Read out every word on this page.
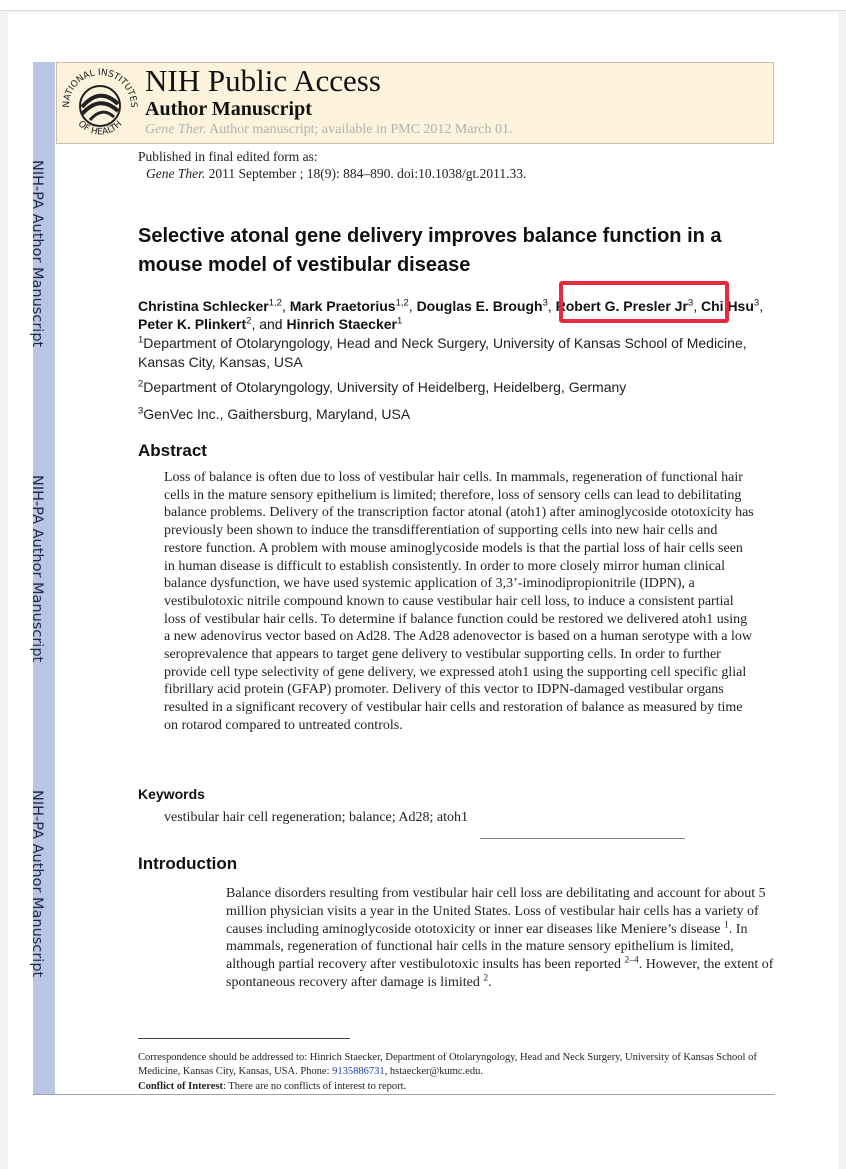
NIH-PA Author Manuscript
NIH-PA Author Manuscript
NIH-PA Author Manuscript
NATIONAL INSTITUTES
OF HEALTH
NIH Public Access
Author Manuscript
Gene Ther. Author manuscript; available in PMC 2012 March 01.
Published in final edited form as:
Gene Ther. 2011 September ; 18(9): 884–890. doi:10.1038/gt.2011.33.
Selective atonal gene delivery improves balance function in a mouse model of vestibular disease
Christina Schlecker$^{1,2}$, Mark Praetorius$^{1,2}$, Douglas E. Brough$^3$, Robert G. Presler Jr$^3$, Chi Hsu$^3$, Peter K. Plinkert$^2$, and Hinrich Staecker$^1$
$^1$Department of Otolaryngology, Head and Neck Surgery, University of Kansas School of Medicine, Kansas City, Kansas, USA
$^2$Department of Otolaryngology, University of Heidelberg, Heidelberg, Germany
$^3$GenVec Inc., Gaithersburg, Maryland, USA
Abstract
Loss of balance is often due to loss of vestibular hair cells. In mammals, regeneration of functional hair cells in the mature sensory epithelium is limited; therefore, loss of sensory cells can lead to debilitating balance problems. Delivery of the transcription factor atonal (atoh1) after aminoglycoside ototoxicity has previously been shown to induce the transdifferentiation of supporting cells into new hair cells and restore function. A problem with mouse aminoglycoside models is that the partial loss of hair cells seen in human disease is difficult to establish consistently. In order to more closely mirror human clinical balance dysfunction, we have used systemic application of 3,3’-iminodipropionitrile (IDPN), a vestibulotoxic nitrile compound known to cause vestibular hair cell loss, to induce a consistent partial loss of vestibular hair cells. To determine if balance function could be restored we delivered atoh1 using a new adenovirus vector based on Ad28. The Ad28 adenovector is based on a human serotype with a low seroprevalence that appears to target gene delivery to vestibular supporting cells. In order to further provide cell type selectivity of gene delivery, we expressed atoh1 using the supporting cell specific glial fibrillary acid protein (GFAP) promoter. Delivery of this vector to IDPN-damaged vestibular organs resulted in a significant recovery of vestibular hair cells and restoration of balance as measured by time on rotarod compared to untreated controls.
Keywords
vestibular hair cell regeneration; balance; Ad28; atoh1
Introduction
Balance disorders resulting from vestibular hair cell loss are debilitating and account for about 5 million physician visits a year in the United States. Loss of vestibular hair cells has a variety of causes including aminoglycoside ototoxicity or inner ear diseases like Meniere’s disease $^1$. In mammals, regeneration of functional hair cells in the mature sensory epithelium is limited, although partial recovery after vestibulotoxic insults has been reported $^{2-4}$. However, the extent of spontaneous recovery after damage is limited $^2$.
Correspondence should be addressed to: Hinrich Staecker, Department of Otolaryngology, Head and Neck Surgery, University of Kansas School of Medicine, Kansas City, Kansas, USA. Phone: 9135886731, hstaecker@kumc.edu.
Conflict of Interest: There are no conflicts of interest to report.
